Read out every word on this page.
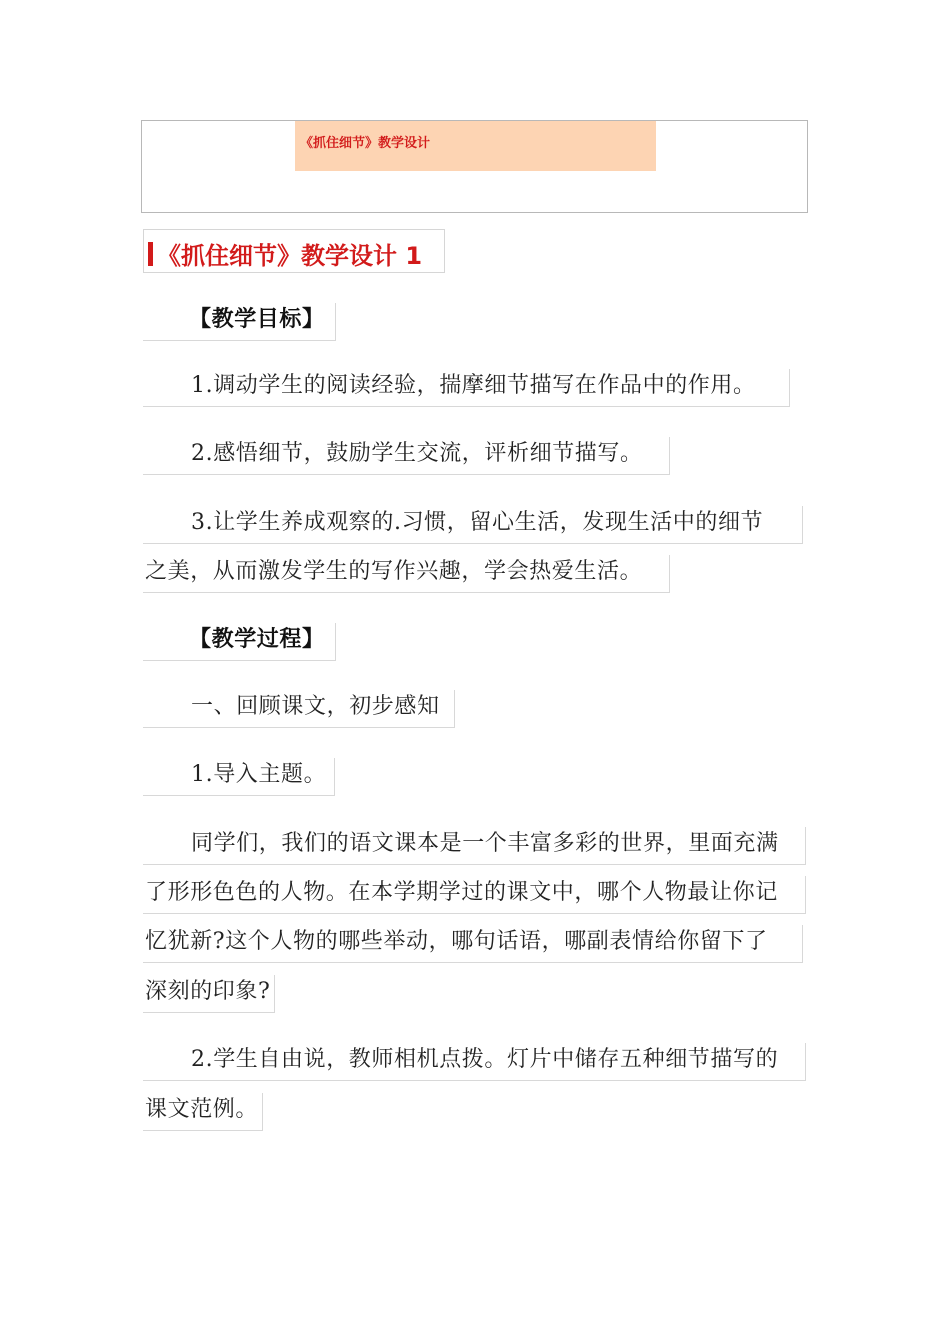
《抓住细节》教学设计
《抓住细节》教学设计 1
【教学目标】
1.调动学生的阅读经验，揣摩细节描写在作品中的作用。
2.感悟细节，鼓励学生交流，评析细节描写。
3.让学生养成观察的.习惯，留心生活，发现生活中的细节
之美，从而激发学生的写作兴趣，学会热爱生活。
【教学过程】
一、回顾课文，初步感知
1.导入主题。
同学们，我们的语文课本是一个丰富多彩的世界，里面充满
了形形色色的人物。在本学期学过的课文中，哪个人物最让你记
忆犹新?这个人物的哪些举动，哪句话语，哪副表情给你留下了
深刻的印象?
2.学生自由说，教师相机点拨。灯片中储存五种细节描写的
课文范例。
